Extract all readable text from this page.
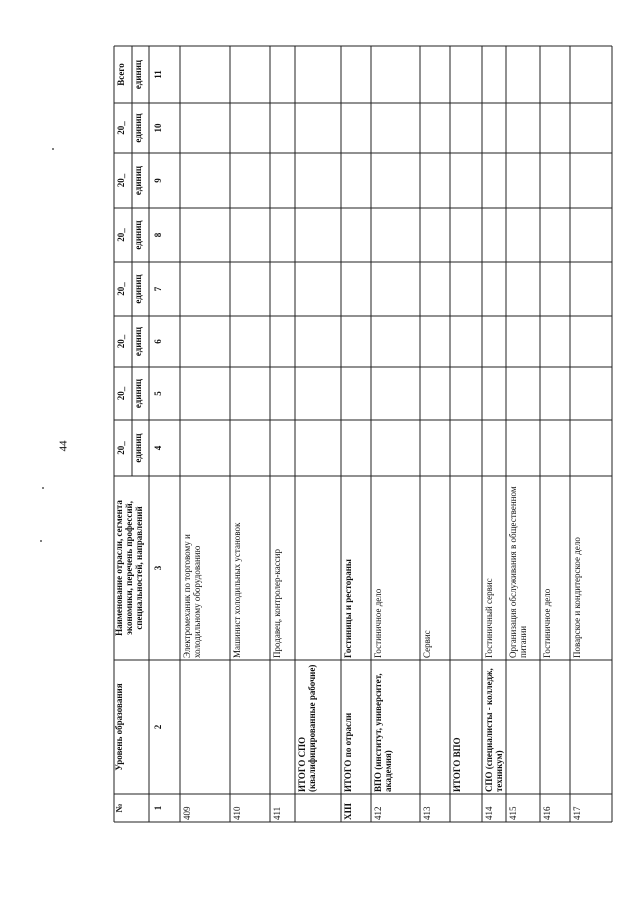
44
Всего единиц
20_ единиц
20_ единиц
20_ единиц
20_ единиц
20_ единиц
20_ единиц
20_ единиц
Наименование отрасли, сегмента экономики, перечень профессий, специальностей, направлений
Уровень образования
№	1
2
3
4
5
6
7
8
9
10
11
409
Электромеханик по торговому и холодильному оборудованию
410
Машинист холодильных установок
411
Продавец, контролер-кассир
ИТОГО СПО (квалифицированные рабочие)
XIII
ИТОГО по отрасли
Гостиницы и рестораны
412
ВПО (институт, университет, академия)
Гостиничное дело
413
Сервис
ИТОГО ВПО
414
СПО (специалисты - колледж, техникум)
Гостиничный сервис
415
Организация обслуживания в общественном питании
416
Гостиничное дело
417
Поварское и кондитерское дело
